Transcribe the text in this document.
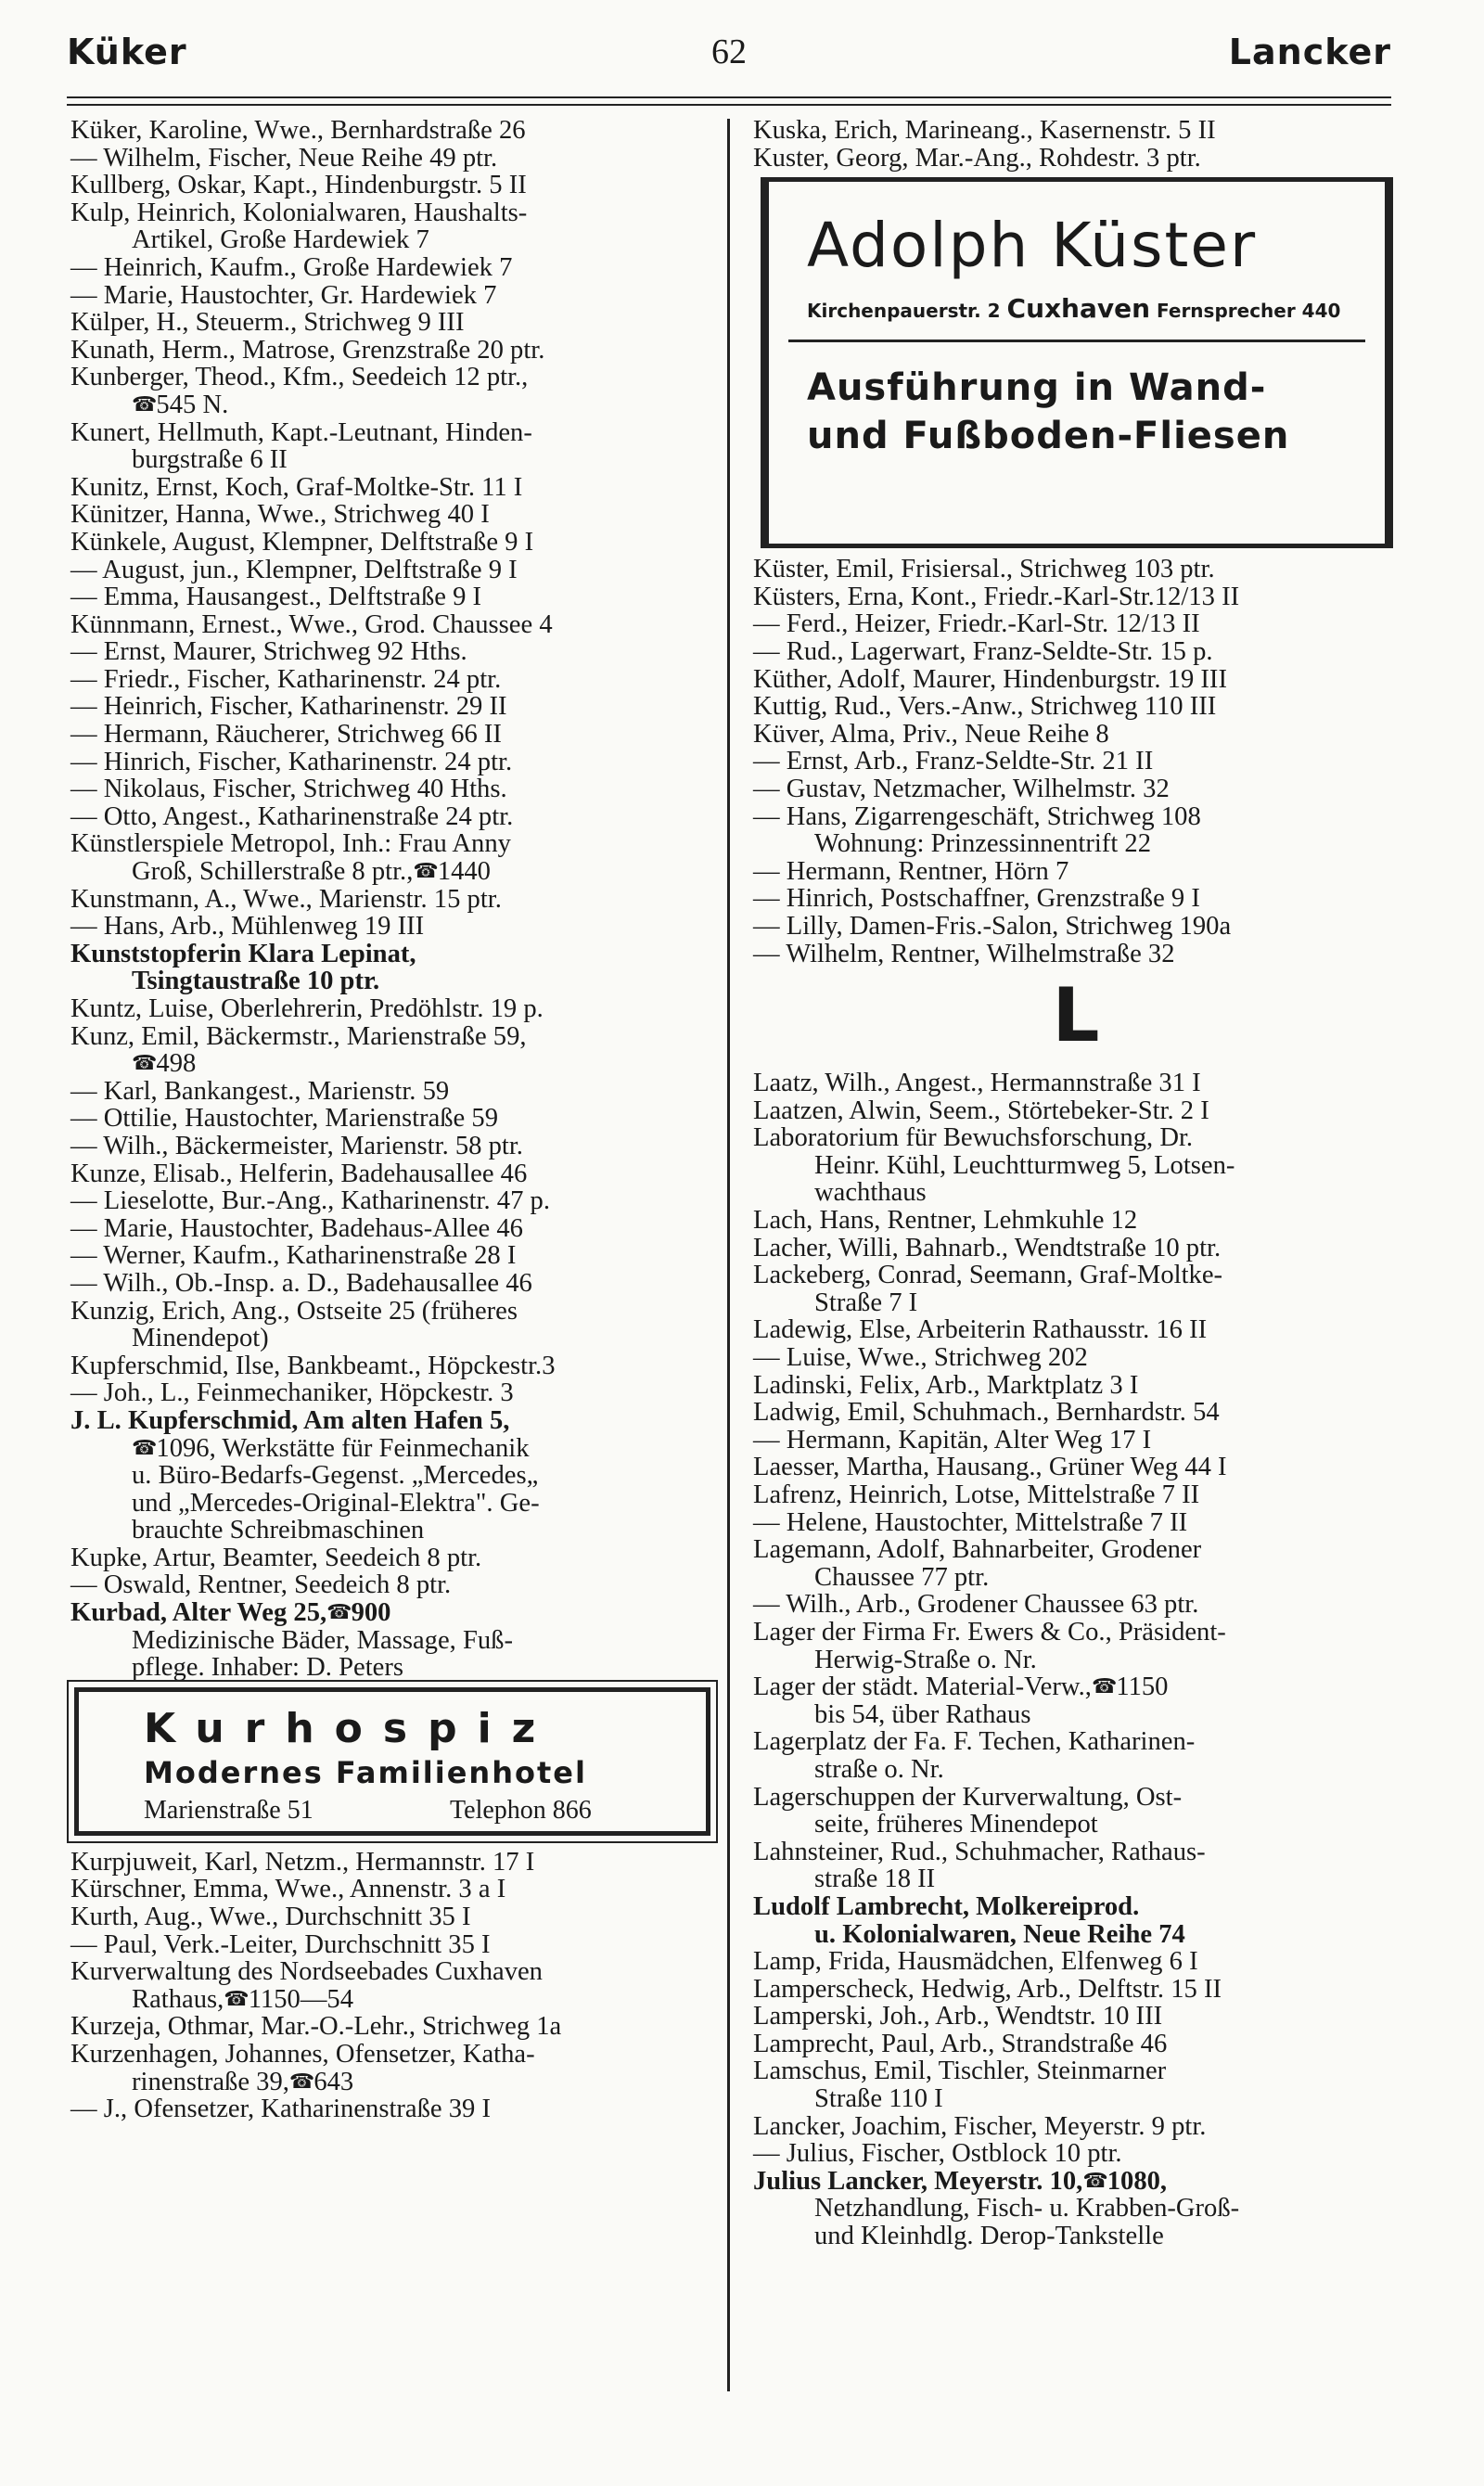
Küker	62	Lancker
Küker, Karoline, Wwe., Bernhardstraße 26
— Wilhelm, Fischer, Neue Reihe 49 ptr.
Kullberg, Oskar, Kapt., Hindenburgstr. 5 II
Kulp, Heinrich, Kolonialwaren, Haushalts-
Artikel, Große Hardewiek 7
— Heinrich, Kaufm., Große Hardewiek 7
— Marie, Haustochter, Gr. Hardewiek 7
Külper, H., Steuerm., Strichweg 9 III
Kunath, Herm., Matrose, Grenzstraße 20 ptr.
Kunberger, Theod., Kfm., Seedeich 12 ptr.,
☎545 N.
Kunert, Hellmuth, Kapt.-Leutnant, Hinden-
burgstraße 6 II
Kunitz, Ernst, Koch, Graf-Moltke-Str. 11 I
Künitzer, Hanna, Wwe., Strichweg 40 I
Künkele, August, Klempner, Delftstraße 9 I
— August, jun., Klempner, Delftstraße 9 I
— Emma, Hausangest., Delftstraße 9 I
Künnmann, Ernest., Wwe., Grod. Chaussee 4
— Ernst, Maurer, Strichweg 92 Hths.
— Friedr., Fischer, Katharinenstr. 24 ptr.
— Heinrich, Fischer, Katharinenstr. 29 II
— Hermann, Räucherer, Strichweg 66 II
— Hinrich, Fischer, Katharinenstr. 24 ptr.
— Nikolaus, Fischer, Strichweg 40 Hths.
— Otto, Angest., Katharinenstraße 24 ptr.
Künstlerspiele Metropol, Inh.: Frau Anny
Groß, Schillerstraße 8 ptr.,☎1440
Kunstmann, A., Wwe., Marienstr. 15 ptr.
— Hans, Arb., Mühlenweg 19 III
Kunststopferin Klara Lepinat,
Tsingtaustraße 10 ptr.
Kuntz, Luise, Oberlehrerin, Predöhlstr. 19 p.
Kunz, Emil, Bäckermstr., Marienstraße 59,
☎498
— Karl, Bankangest., Marienstr. 59
— Ottilie, Haustochter, Marienstraße 59
— Wilh., Bäckermeister, Marienstr. 58 ptr.
Kunze, Elisab., Helferin, Badehausallee 46
— Lieselotte, Bur.-Ang., Katharinenstr. 47 p.
— Marie, Haustochter, Badehaus-Allee 46
— Werner, Kaufm., Katharinenstraße 28 I
— Wilh., Ob.-Insp. a. D., Badehausallee 46
Kunzig, Erich, Ang., Ostseite 25 (früheres
Minendepot)
Kupferschmid, Ilse, Bankbeamt., Höpckestr.3
— Joh., L., Feinmechaniker, Höpckestr. 3
J. L. Kupferschmid, Am alten Hafen 5,
☎1096, Werkstätte für Feinmechanik
u. Büro-Bedarfs-Gegenst. „Mercedes„
und „Mercedes-Original-Elektra". Ge-
brauchte Schreibmaschinen
Kupke, Artur, Beamter, Seedeich 8 ptr.
— Oswald, Rentner, Seedeich 8 ptr.
Kurbad, Alter Weg 25,☎900
Medizinische Bäder, Massage, Fuß-
pflege. Inhaber: D. Peters
Kurhospiz
Modernes Familienhotel
Marienstraße 51	Telephon 866
Kurpjuweit, Karl, Netzm., Hermannstr. 17 I
Kürschner, Emma, Wwe., Annenstr. 3 a I
Kurth, Aug., Wwe., Durchschnitt 35 I
— Paul, Verk.-Leiter, Durchschnitt 35 I
Kurverwaltung des Nordseebades Cuxhaven
Rathaus,☎1150—54
Kurzeja, Othmar, Mar.-O.-Lehr., Strichweg 1a
Kurzenhagen, Johannes, Ofensetzer, Katha-
rinenstraße 39,☎643
— J., Ofensetzer, Katharinenstraße 39 I
Kuska, Erich, Marineang., Kasernenstr. 5 II
Kuster, Georg, Mar.-Ang., Rohdestr. 3 ptr.
Adolph Küster
Kirchenpauerstr. 2 Cuxhaven Fernsprecher 440
Ausführung in Wand-
und Fußboden-Fliesen
Küster, Emil, Frisiersal., Strichweg 103 ptr.
Küsters, Erna, Kont., Friedr.-Karl-Str.12/13 II
— Ferd., Heizer, Friedr.-Karl-Str. 12/13 II
— Rud., Lagerwart, Franz-Seldte-Str. 15 p.
Küther, Adolf, Maurer, Hindenburgstr. 19 III
Kuttig, Rud., Vers.-Anw., Strichweg 110 III
Küver, Alma, Priv., Neue Reihe 8
— Ernst, Arb., Franz-Seldte-Str. 21 II
— Gustav, Netzmacher, Wilhelmstr. 32
— Hans, Zigarrengeschäft, Strichweg 108
Wohnung: Prinzessinnentrift 22
— Hermann, Rentner, Hörn 7
— Hinrich, Postschaffner, Grenzstraße 9 I
— Lilly, Damen-Fris.-Salon, Strichweg 190a
— Wilhelm, Rentner, Wilhelmstraße 32
L
Laatz, Wilh., Angest., Hermannstraße 31 I
Laatzen, Alwin, Seem., Störtebeker-Str. 2 I
Laboratorium für Bewuchsforschung, Dr.
Heinr. Kühl, Leuchtturmweg 5, Lotsen-
wachthaus
Lach, Hans, Rentner, Lehmkuhle 12
Lacher, Willi, Bahnarb., Wendtstraße 10 ptr.
Lackeberg, Conrad, Seemann, Graf-Moltke-
Straße 7 I
Ladewig, Else, Arbeiterin Rathausstr. 16 II
— Luise, Wwe., Strichweg 202
Ladinski, Felix, Arb., Marktplatz 3 I
Ladwig, Emil, Schuhmach., Bernhardstr. 54
— Hermann, Kapitän, Alter Weg 17 I
Laesser, Martha, Hausang., Grüner Weg 44 I
Lafrenz, Heinrich, Lotse, Mittelstraße 7 II
— Helene, Haustochter, Mittelstraße 7 II
Lagemann, Adolf, Bahnarbeiter, Grodener
Chaussee 77 ptr.
— Wilh., Arb., Grodener Chaussee 63 ptr.
Lager der Firma Fr. Ewers & Co., Präsident-
Herwig-Straße o. Nr.
Lager der städt. Material-Verw.,☎1150
bis 54, über Rathaus
Lagerplatz der Fa. F. Techen, Katharinen-
straße o. Nr.
Lagerschuppen der Kurverwaltung, Ost-
seite, früheres Minendepot
Lahnsteiner, Rud., Schuhmacher, Rathaus-
straße 18 II
Ludolf Lambrecht, Molkereiprod.
u. Kolonialwaren, Neue Reihe 74
Lamp, Frida, Hausmädchen, Elfenweg 6 I
Lamperscheck, Hedwig, Arb., Delftstr. 15 II
Lamperski, Joh., Arb., Wendtstr. 10 III
Lamprecht, Paul, Arb., Strandstraße 46
Lamschus, Emil, Tischler, Steinmarner
Straße 110 I
Lancker, Joachim, Fischer, Meyerstr. 9 ptr.
— Julius, Fischer, Ostblock 10 ptr.
Julius Lancker, Meyerstr. 10,☎1080,
Netzhandlung, Fisch- u. Krabben-Groß-
und Kleinhdlg. Derop-Tankstelle
